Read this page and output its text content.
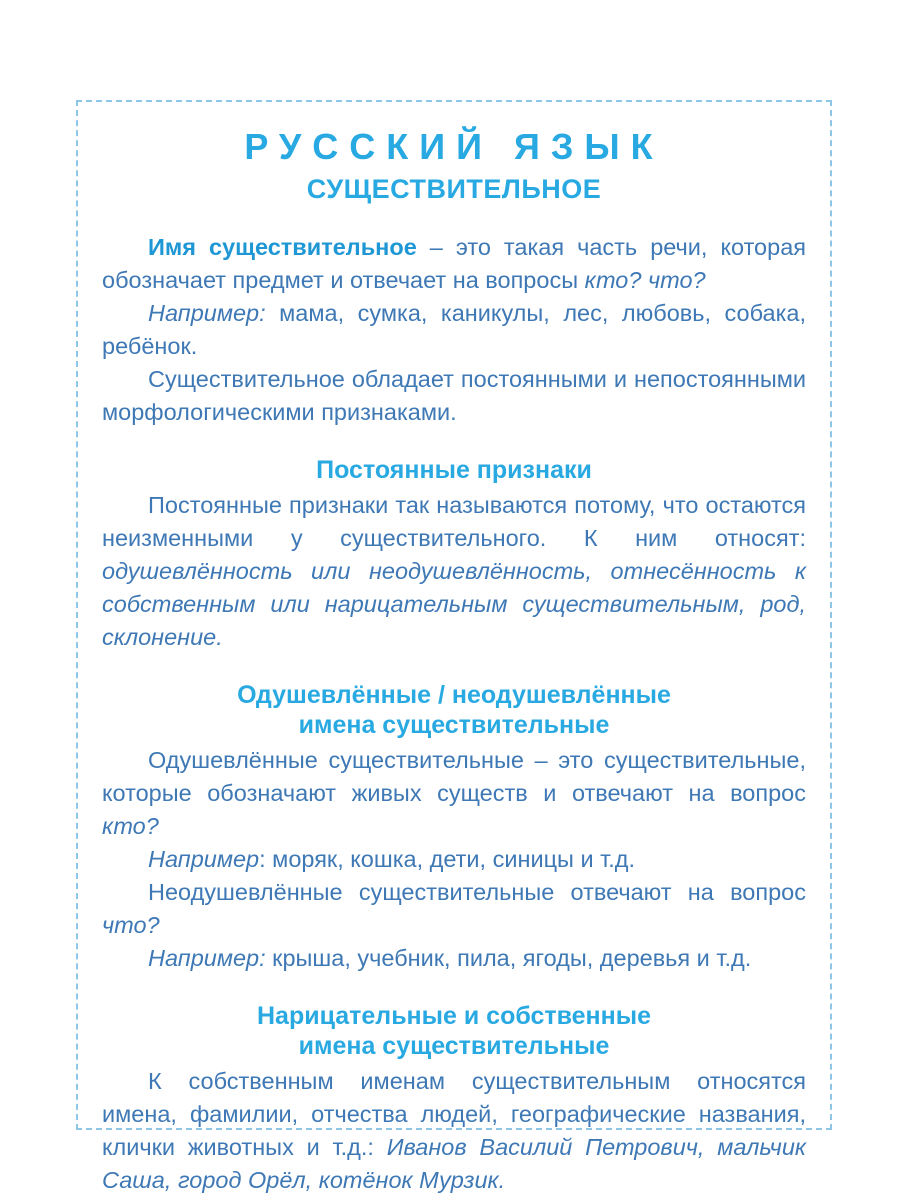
РУССКИЙ ЯЗЫК
СУЩЕСТВИТЕЛЬНОЕ

Имя существительное – это такая часть речи, которая обозначает предмет и отвечает на вопросы кто? что?

Например: мама, сумка, каникулы, лес, любовь, собака, ребёнок.

Существительное обладает постоянными и непостоянными морфологическими признаками.

Постоянные признаки

Постоянные признаки так называются потому, что остаются неизменными у существительного. К ним относят: одушевлённость или неодушевлённость, отнесённость к собственным или нарицательным существительным, род, склонение.

Одушевлённые / неодушевлённые
имена существительные

Одушевлённые существительные – это существительные, которые обозначают живых существ и отвечают на вопрос кто?

Например: моряк, кошка, дети, синицы и т.д.

Неодушевлённые существительные отвечают на вопрос что?

Например: крыша, учебник, пила, ягоды, деревья и т.д.

Нарицательные и собственные
имена существительные

К собственным именам существительным относятся имена, фамилии, отчества людей, географические названия, клички животных и т.д.: Иванов Василий Петрович, мальчик Саша, город Орёл, котёнок Мурзик.
